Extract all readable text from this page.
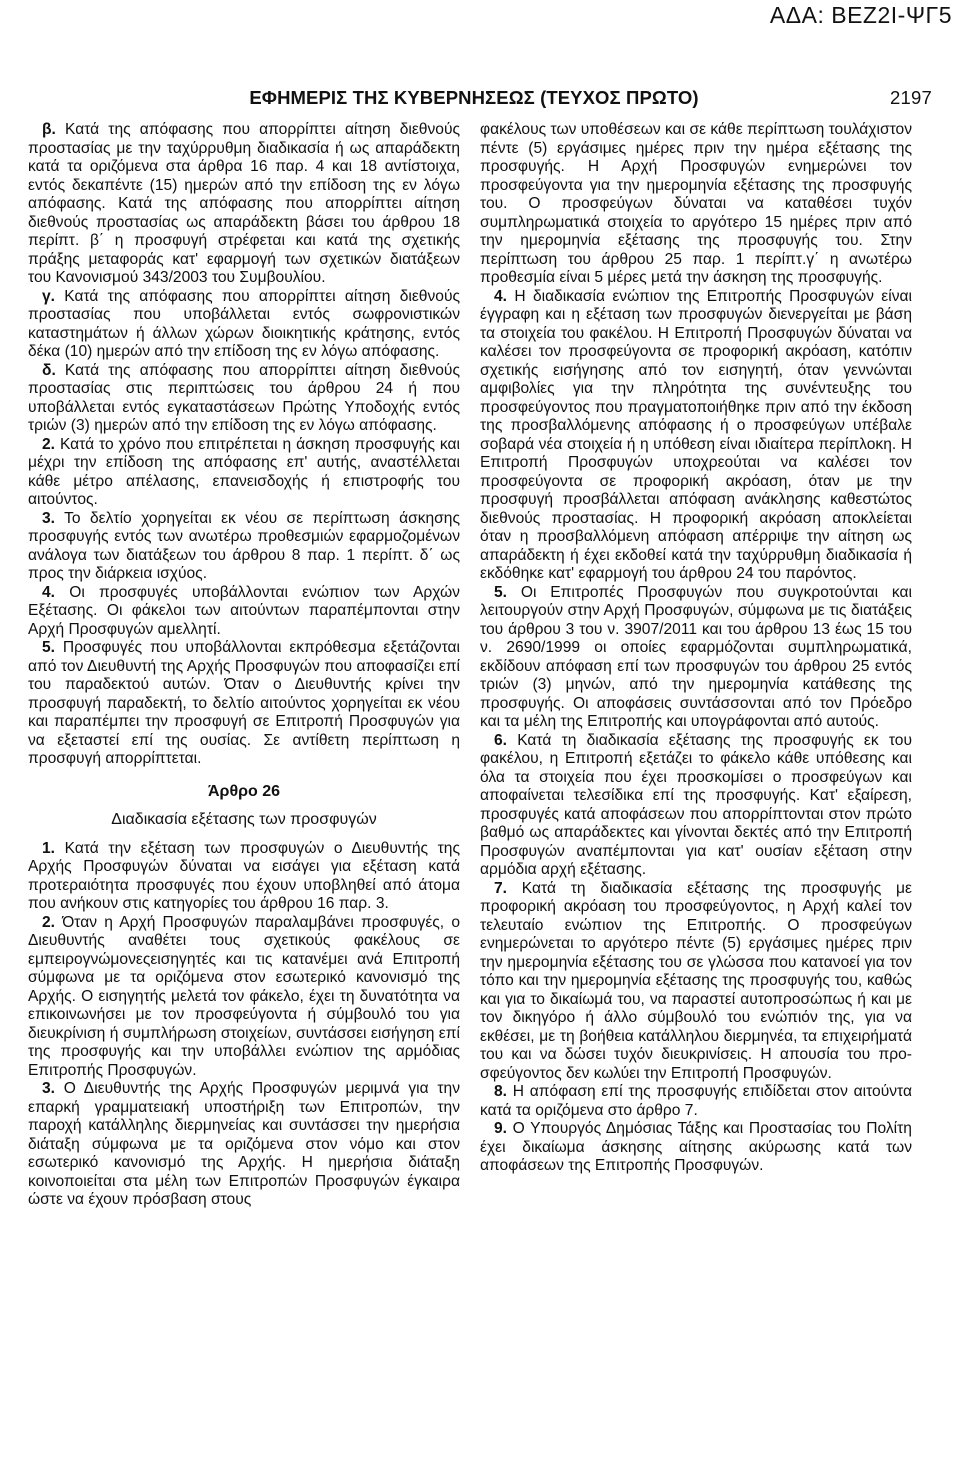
ΑΔΑ: ΒΕΖ2Ι-ΨΓ5
ΕΦΗΜΕΡΙΣ ΤΗΣ ΚΥΒΕΡΝΗΣΕΩΣ (ΤΕΥΧΟΣ ΠΡΩΤΟ)	2197

β. Κατά της απόφασης που απορρίπτει αίτηση διεθνούς προστασίας με την ταχύρρυθμη διαδικασία ή ως απαράδεκτη κατά τα οριζόμενα στα άρθρα 16 παρ. 4 και 18 αντίστοιχα, εντός δεκαπέντε (15) ημερών από την επίδοση της εν λόγω απόφασης. Κατά της απόφασης που απορρίπτει αίτηση διεθνούς προστασίας ως απαράδεκτη βάσει του άρθρου 18 περίπτ. β΄ η προσφυγή στρέφεται και κατά της σχετικής πράξης μεταφοράς κατ' εφαρμογή των σχετικών διατάξεων του Κανονισμού 343/2003 του Συμβουλίου.

γ. Κατά της απόφασης που απορρίπτει αίτηση διεθνούς προστασίας που υποβάλλεται εντός σωφρονιστικών καταστημάτων ή άλλων χώρων διοικητικής κράτησης, εντός δέκα (10) ημερών από την επίδοση της εν λόγω απόφασης.

δ. Κατά της απόφασης που απορρίπτει αίτηση διεθνούς προστασίας στις περιπτώσεις του άρθρου 24 ή που υποβάλλεται εντός εγκαταστάσεων Πρώτης Υποδοχής εντός τριών (3) ημερών από την επίδοση της εν λόγω απόφασης.

2. Κατά το χρόνο που επιτρέπεται η άσκηση προσφυγής και μέχρι την επίδοση της απόφασης επ' αυτής, αναστέλλεται κάθε μέτρο απέλασης, επανεισδοχής ή επιστροφής του αιτούντος.

3. Το δελτίο χορηγείται εκ νέου σε περίπτωση άσκησης προσφυγής εντός των ανωτέρω προθεσμιών εφαρμοζομένων ανάλογα των διατάξεων του άρθρου 8 παρ. 1 περίπτ. δ΄ ως προς την διάρκεια ισχύος.

4. Οι προσφυγές υποβάλλονται ενώπιον των Αρχών Εξέτασης. Οι φάκελοι των αιτούντων παραπέμπονται στην Αρχή Προσφυγών αμελλητί.

5. Προσφυγές που υποβάλλονται εκπρόθεσμα εξετάζονται από τον Διευθυντή της Αρχής Προσφυγών που αποφασίζει επί του παραδεκτού αυτών. Όταν ο Διευθυντής κρίνει την προσφυγή παραδεκτή, το δελτίο αιτούντος χορηγείται εκ νέου και παραπέμπει την προσφυγή σε Επιτροπή Προσφυγών για να εξεταστεί επί της ουσίας. Σε αντίθετη περίπτωση η προσφυγή απορρίπτεται.

Άρθρο 26
Διαδικασία εξέτασης των προσφυγών

1. Κατά την εξέταση των προσφυγών ο Διευθυντής της Αρχής Προσφυγών δύναται να εισάγει για εξέταση κατά προτεραιότητα προσφυγές που έχουν υποβληθεί από άτομα που ανήκουν στις κατηγορίες του άρθρου 16 παρ. 3.

2. Όταν η Αρχή Προσφυγών παραλαμβάνει προσφυγές, ο Διευθυντής αναθέτει τους σχετικούς φακέλους σε εμπειρογνώμονεςεισηγητές και τις κατανέμει ανά Επιτροπή σύμφωνα με τα οριζόμενα στον εσωτερικό κανονισμό της Αρχής. Ο εισηγητής μελετά τον φάκελο, έχει τη δυνατότητα να επικοινωνήσει με τον προσφεύγοντα ή σύμβουλό του για διευκρίνιση ή συμπλήρωση στοιχείων, συντάσσει εισήγηση επί της προσφυγής και την υποβάλλει ενώπιον της αρμόδιας Επιτροπής Προσφυγών.

3. Ο Διευθυντής της Αρχής Προσφυγών μεριμνά για την επαρκή γραμματειακή υποστήριξη των Επιτροπών, την παροχή κατάλληλης διερμηνείας και συντάσσει την ημερήσια διάταξη σύμφωνα με τα οριζόμενα στον νόμο και στον εσωτερικό κανονισμό της Αρχής. Η ημερήσια διάταξη κοινοποιείται στα μέλη των Επιτροπών Προσφυγών έγκαιρα ώστε να έχουν πρόσβαση στους

φακέλους των υποθέσεων και σε κάθε περίπτωση τουλάχιστον πέντε (5) εργάσιμες ημέρες πριν την ημέρα εξέτασης της προσφυγής. Η Αρχή Προσφυγών ενημερώνει τον προσφεύγοντα για την ημερομηνία εξέτασης της προσφυγής του. Ο προσφεύγων δύναται να καταθέσει τυχόν συμπληρωματικά στοιχεία το αργότερο 15 ημέρες πριν από την ημερομηνία εξέτασης της προσφυγής του. Στην περίπτωση του άρθρου 25 παρ. 1 περίπτ.γ΄ η ανωτέρω προθεσμία είναι 5 μέρες μετά την άσκηση της προσφυγής.

4. Η διαδικασία ενώπιον της Επιτροπής Προσφυγών είναι έγγραφη και η εξέταση των προσφυγών διενεργείται με βάση τα στοιχεία του φακέλου. Η Επιτροπή Προσφυγών δύναται να καλέσει τον προσφεύγοντα σε προφορική ακρόαση, κατόπιν σχετικής εισήγησης από τον εισηγητή, όταν γεννώνται αμφιβολίες για την πληρότητα της συνέντευξης του προσφεύγοντος που πραγματοποιήθηκε πριν από την έκδοση της προσβαλλόμενης απόφασης ή ο προσφεύγων υπέβαλε σοβαρά νέα στοιχεία ή η υπόθεση είναι ιδιαίτερα περίπλοκη. Η Επιτροπή Προσφυγών υποχρεούται να καλέσει τον προσφεύγοντα σε προφορική ακρόαση, όταν με την προσφυγή προσβάλλεται απόφαση ανάκλησης καθεστώτος διεθνούς προστασίας. Η προφορική ακρόαση αποκλείεται όταν η προσβαλλόμενη απόφαση απέρριψε την αίτηση ως απαράδεκτη ή έχει εκδοθεί κατά την ταχύρρυθμη διαδικασία ή εκδόθηκε κατ' εφαρμογή του άρθρου 24 του παρόντος.

5. Οι Επιτροπές Προσφυγών που συγκροτούνται και λειτουργούν στην Αρχή Προσφυγών, σύμφωνα με τις διατάξεις του άρθρου 3 του ν. 3907/2011 και του άρθρου 13 έως 15 του ν. 2690/1999 οι οποίες εφαρμόζονται συμπληρωματικά, εκδίδουν απόφαση επί των προσφυγών του άρθρου 25 εντός τριών (3) μηνών, από την ημερομηνία κατάθεσης της προσφυγής. Οι αποφάσεις συντάσσονται από τον Πρόεδρο και τα μέλη της Επιτροπής και υπογράφονται από αυτούς.

6. Κατά τη διαδικασία εξέτασης της προσφυγής εκ του φακέλου, η Επιτροπή εξετάζει το φάκελο κάθε υπόθεσης και όλα τα στοιχεία που έχει προσκομίσει ο προσφεύγων και αποφαίνεται τελεσίδικα επί της προσφυγής. Κατ' εξαίρεση, προσφυγές κατά αποφάσεων που απορρίπτονται στον πρώτο βαθμό ως απαράδεκτες και γίνονται δεκτές από την Επιτροπή Προσφυγών αναπέμπονται για κατ' ουσίαν εξέταση στην αρμόδια αρχή εξέτασης.

7. Κατά τη διαδικασία εξέτασης της προσφυγής με προφορική ακρόαση του προσφεύγοντος, η Αρχή καλεί τον τελευταίο ενώπιον της Επιτροπής. Ο προσφεύγων ενημερώνεται το αργότερο πέντε (5) εργάσιμες ημέρες πριν την ημερομηνία εξέτασης του σε γλώσσα που κατανοεί για τον τόπο και την ημερομηνία εξέτασης της προσφυγής του, καθώς και για το δικαίωμά του, να παραστεί αυτοπροσώπως ή και με τον δικηγόρο ή άλλο σύμβουλό του ενώπιόν της, για να εκθέσει, με τη βοήθεια κατάλληλου διερμηνέα, τα επιχειρήματά του και να δώσει τυχόν διευκρινίσεις. Η απουσία του προσφεύγοντος δεν κωλύει την Επιτροπή Προσφυγών.

8. Η απόφαση επί της προσφυγής επιδίδεται στον αιτούντα κατά τα οριζόμενα στο άρθρο 7.

9. Ο Υπουργός Δημόσιας Τάξης και Προστασίας του Πολίτη έχει δικαίωμα άσκησης αίτησης ακύρωσης κατά των αποφάσεων της Επιτροπής Προσφυγών.
